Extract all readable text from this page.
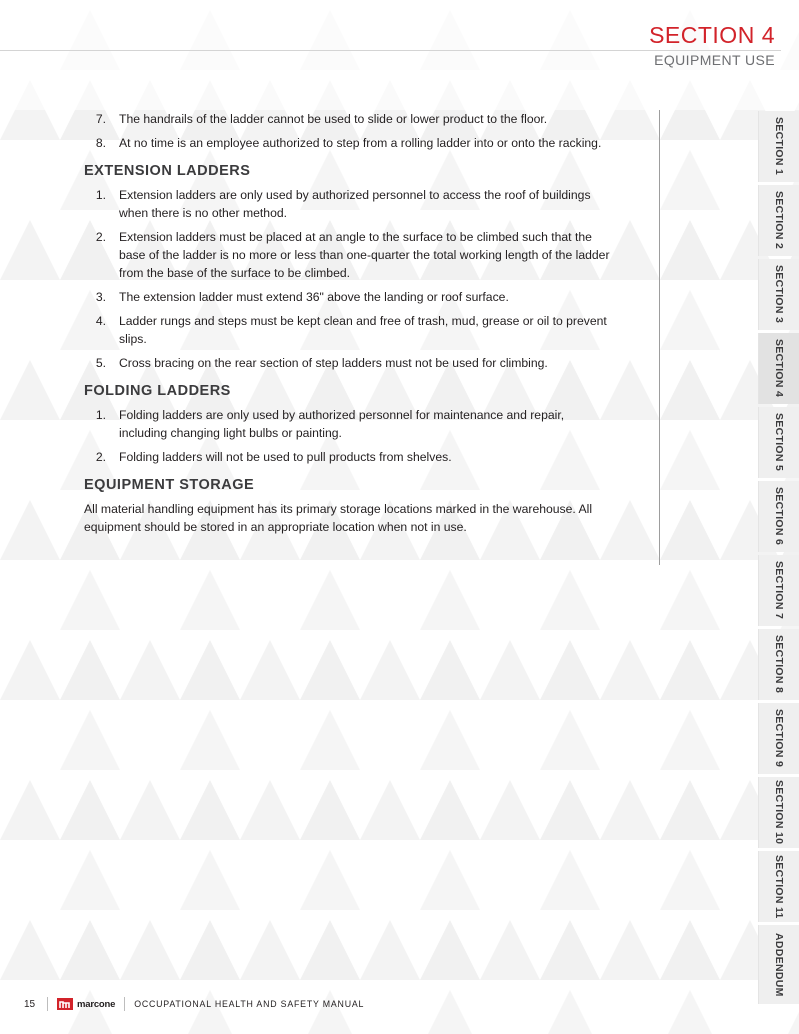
SECTION 4
EQUIPMENT USE
7. The handrails of the ladder cannot be used to slide or lower product to the floor.
8. At no time is an employee authorized to step from a rolling ladder into or onto the racking.
EXTENSION LADDERS
1. Extension ladders are only used by authorized personnel to access the roof of buildings when there is no other method.
2. Extension ladders must be placed at an angle to the surface to be climbed such that the base of the ladder is no more or less than one-quarter the total working length of the ladder from the base of the surface to be climbed.
3. The extension ladder must extend 36" above the landing or roof surface.
4. Ladder rungs and steps must be kept clean and free of trash, mud, grease or oil to prevent slips.
5. Cross bracing on the rear section of step ladders must not be used for climbing.
FOLDING LADDERS
1. Folding ladders are only used by authorized personnel for maintenance and repair, including changing light bulbs or painting.
2. Folding ladders will not be used to pull products from shelves.
EQUIPMENT STORAGE

All material handling equipment has its primary storage locations marked in the warehouse. All equipment should be stored in an appropriate location when not in use.

SECTION 1
SECTION 2
SECTION 3
SECTION 4
SECTION 5
SECTION 6
SECTION 7
SECTION 8
SECTION 9
SECTION 10
SECTION 11
ADDENDUM
15	marcone OCCUPATIONAL HEALTH AND SAFETY MANUAL
